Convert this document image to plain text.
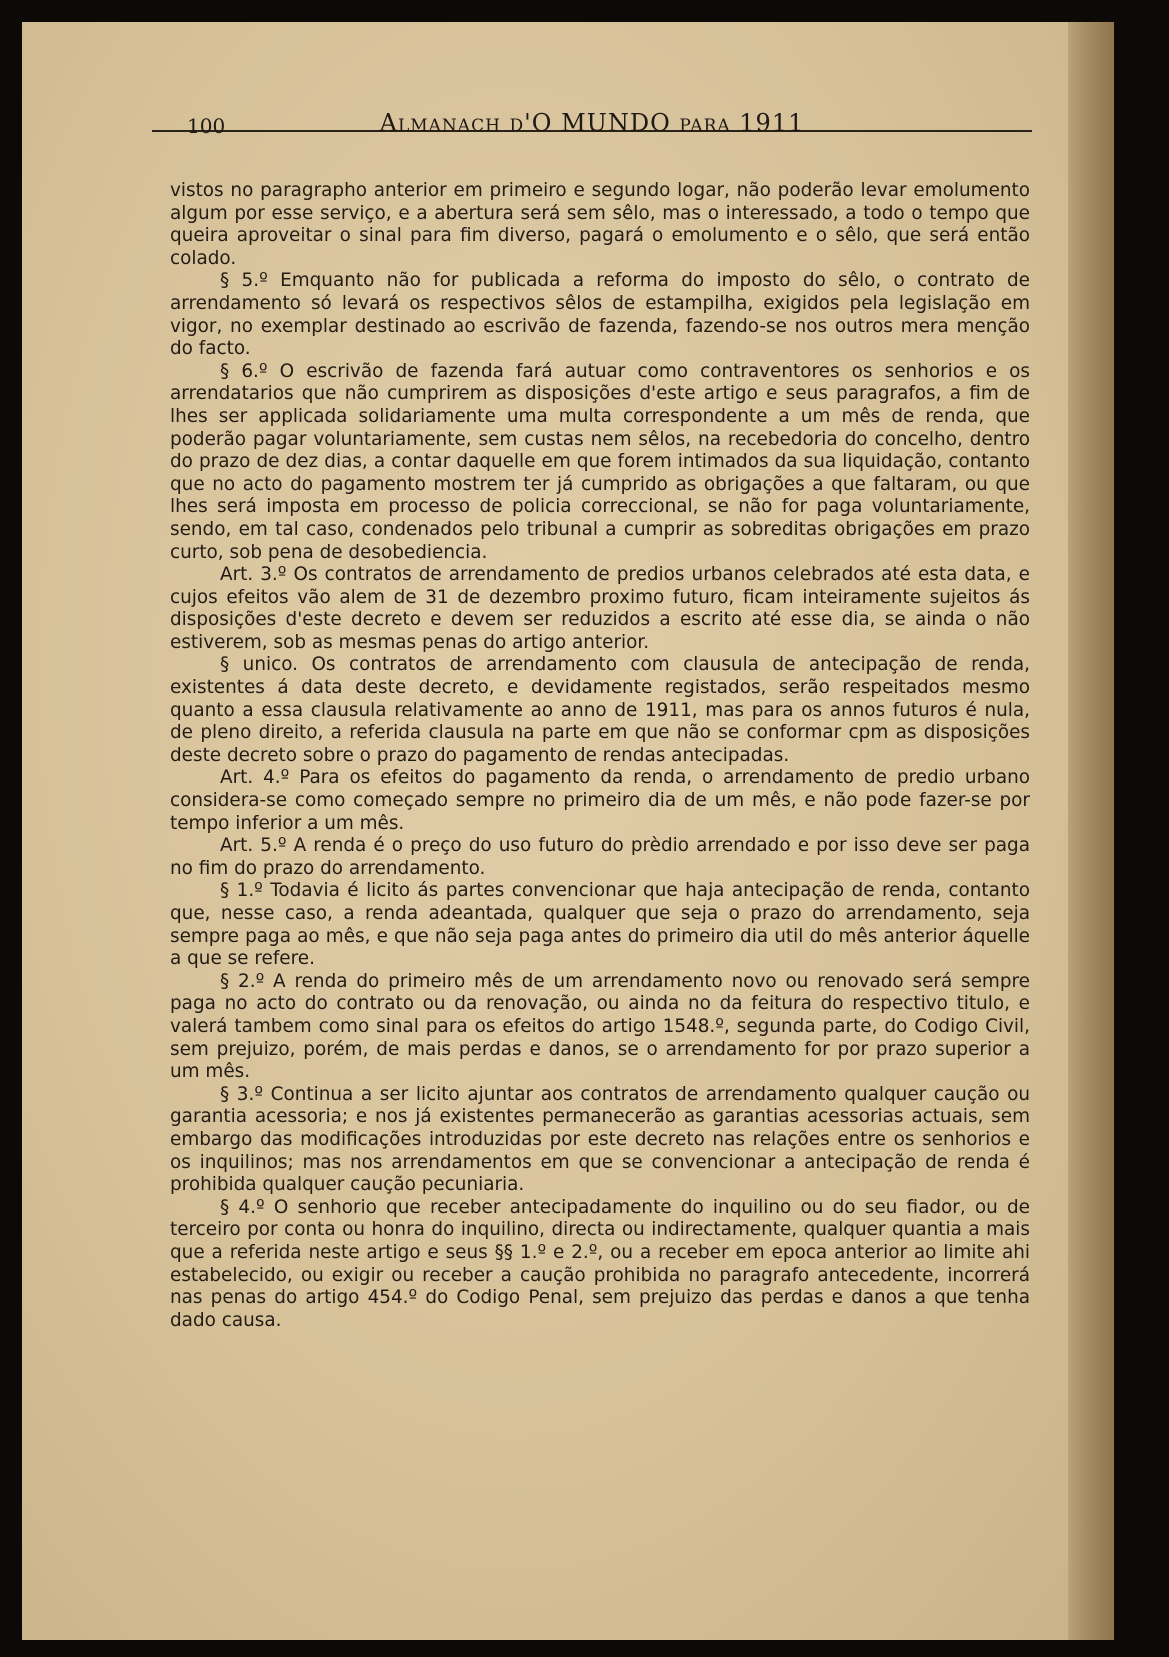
100	Almanach d'O MUNDO para 1911

vistos no paragrapho anterior em primeiro e segundo logar, não poderão levar emolumento algum por esse serviço, e a abertura será sem sêlo, mas o interessado, a todo o tempo que queira aproveitar o sinal para fim diverso, pagará o emolumento e o sêlo, que será então colado.

§ 5.º Emquanto não for publicada a reforma do imposto do sêlo, o contrato de arrendamento só levará os respectivos sêlos de estampilha, exigidos pela legislação em vigor, no exemplar destinado ao escrivão de fazenda, fazendo-se nos outros mera menção do facto.

§ 6.º O escrivão de fazenda fará autuar como contraventores os senhorios e os arrendatarios que não cumprirem as disposições d'este artigo e seus paragrafos, a fim de lhes ser applicada solidariamente uma multa correspondente a um mês de renda, que poderão pagar voluntariamente, sem custas nem sêlos, na recebedoria do concelho, dentro do prazo de dez dias, a contar daquelle em que forem intimados da sua liquidação, contanto que no acto do pagamento mostrem ter já cumprido as obrigações a que faltaram, ou que lhes será imposta em processo de policia correccional, se não for paga voluntariamente, sendo, em tal caso, condenados pelo tribunal a cumprir as sobreditas obrigações em prazo curto, sob pena de desobediencia.

Art. 3.º Os contratos de arrendamento de predios urbanos celebrados até esta data, e cujos efeitos vão alem de 31 de dezembro proximo futuro, ficam inteiramente sujeitos ás disposições d'este decreto e devem ser reduzidos a escrito até esse dia, se ainda o não estiverem, sob as mesmas penas do artigo anterior.

§ unico. Os contratos de arrendamento com clausula de antecipação de renda, existentes á data deste decreto, e devidamente registados, serão respeitados mesmo quanto a essa clausula relativamente ao anno de 1911, mas para os annos futuros é nula, de pleno direito, a referida clausula na parte em que não se conformar cpm as disposições deste decreto sobre o prazo do pagamento de rendas antecipadas.

Art. 4.º Para os efeitos do pagamento da renda, o arrendamento de predio urbano considera-se como começado sempre no primeiro dia de um mês, e não pode fazer-se por tempo inferior a um mês.

Art. 5.º A renda é o preço do uso futuro do prèdio arrendado e por isso deve ser paga no fim do prazo do arrendamento.

§ 1.º Todavia é licito ás partes convencionar que haja antecipação de renda, contanto que, nesse caso, a renda adeantada, qualquer que seja o prazo do arrendamento, seja sempre paga ao mês, e que não seja paga antes do primeiro dia util do mês anterior áquelle a que se refere.

§ 2.º A renda do primeiro mês de um arrendamento novo ou renovado será sempre paga no acto do contrato ou da renovação, ou ainda no da feitura do respectivo titulo, e valerá tambem como sinal para os efeitos do artigo 1548.º, segunda parte, do Codigo Civil, sem prejuizo, porém, de mais perdas e danos, se o arrendamento for por prazo superior a um mês.

§ 3.º Continua a ser licito ajuntar aos contratos de arrendamento qualquer caução ou garantia acessoria; e nos já existentes permanecerão as garantias acessorias actuais, sem embargo das modificações introduzidas por este decreto nas relações entre os senhorios e os inquilinos; mas nos arrendamentos em que se convencionar a antecipação de renda é prohibida qualquer caução pecuniaria.

§ 4.º O senhorio que receber antecipadamente do inquilino ou do seu fiador, ou de terceiro por conta ou honra do inquilino, directa ou indirectamente, qualquer quantia a mais que a referida neste artigo e seus §§ 1.º e 2.º, ou a receber em epoca anterior ao limite ahi estabelecido, ou exigir ou receber a caução prohibida no paragrafo antecedente, incorrerá nas penas do artigo 454.º do Codigo Penal, sem prejuizo das perdas e danos a que tenha dado causa.
